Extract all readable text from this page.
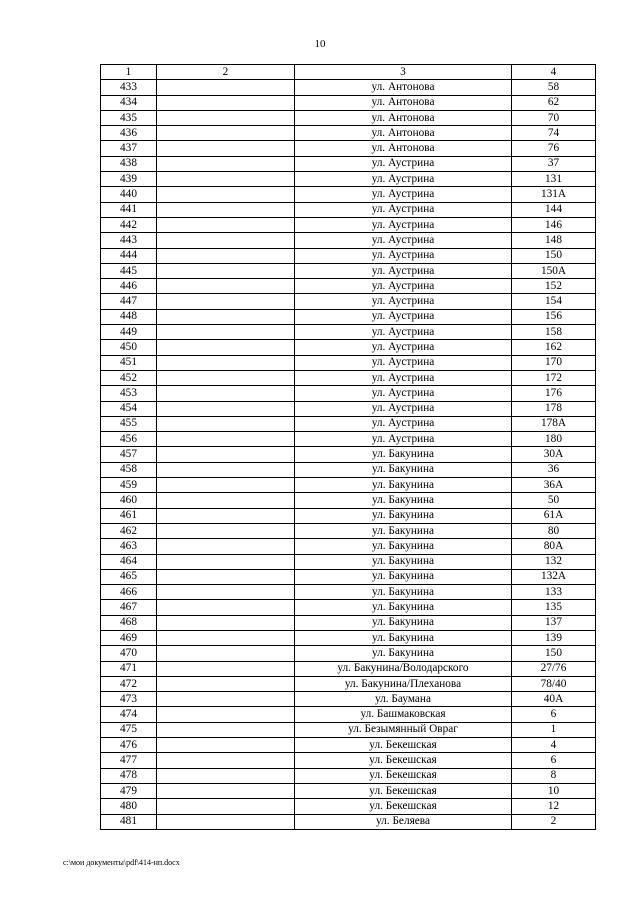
10
1	2	3	4
433		ул. Антонова	58
434		ул. Антонова	62
435		ул. Антонова	70
436		ул. Антонова	74
437		ул. Антонова	76
438		ул. Аустрина	37
439		ул. Аустрина	131
440		ул. Аустрина	131А
441		ул. Аустрина	144
442		ул. Аустрина	146
443		ул. Аустрина	148
444		ул. Аустрина	150
445		ул. Аустрина	150А
446		ул. Аустрина	152
447		ул. Аустрина	154
448		ул. Аустрина	156
449		ул. Аустрина	158
450		ул. Аустрина	162
451		ул. Аустрина	170
452		ул. Аустрина	172
453		ул. Аустрина	176
454		ул. Аустрина	178
455		ул. Аустрина	178А
456		ул. Аустрина	180
457		ул. Бакунина	30А
458		ул. Бакунина	36
459		ул. Бакунина	36А
460		ул. Бакунина	50
461		ул. Бакунина	61А
462		ул. Бакунина	80
463		ул. Бакунина	80А
464		ул. Бакунина	132
465		ул. Бакунина	132А
466		ул. Бакунина	133
467		ул. Бакунина	135
468		ул. Бакунина	137
469		ул. Бакунина	139
470		ул. Бакунина	150
471		ул. Бакунина/Володарского	27/76
472		ул. Бакунина/Плеханова	78/40
473		ул. Баумана	40А
474		ул. Башмаковская	6
475		ул. Безымянный Овраг	1
476		ул. Бекешская	4
477		ул. Бекешская	6
478		ул. Бекешская	8
479		ул. Бекешская	10
480		ул. Бекешская	12
481		ул. Беляева	2
c:\мои документы\pdf\414-нп.docx
